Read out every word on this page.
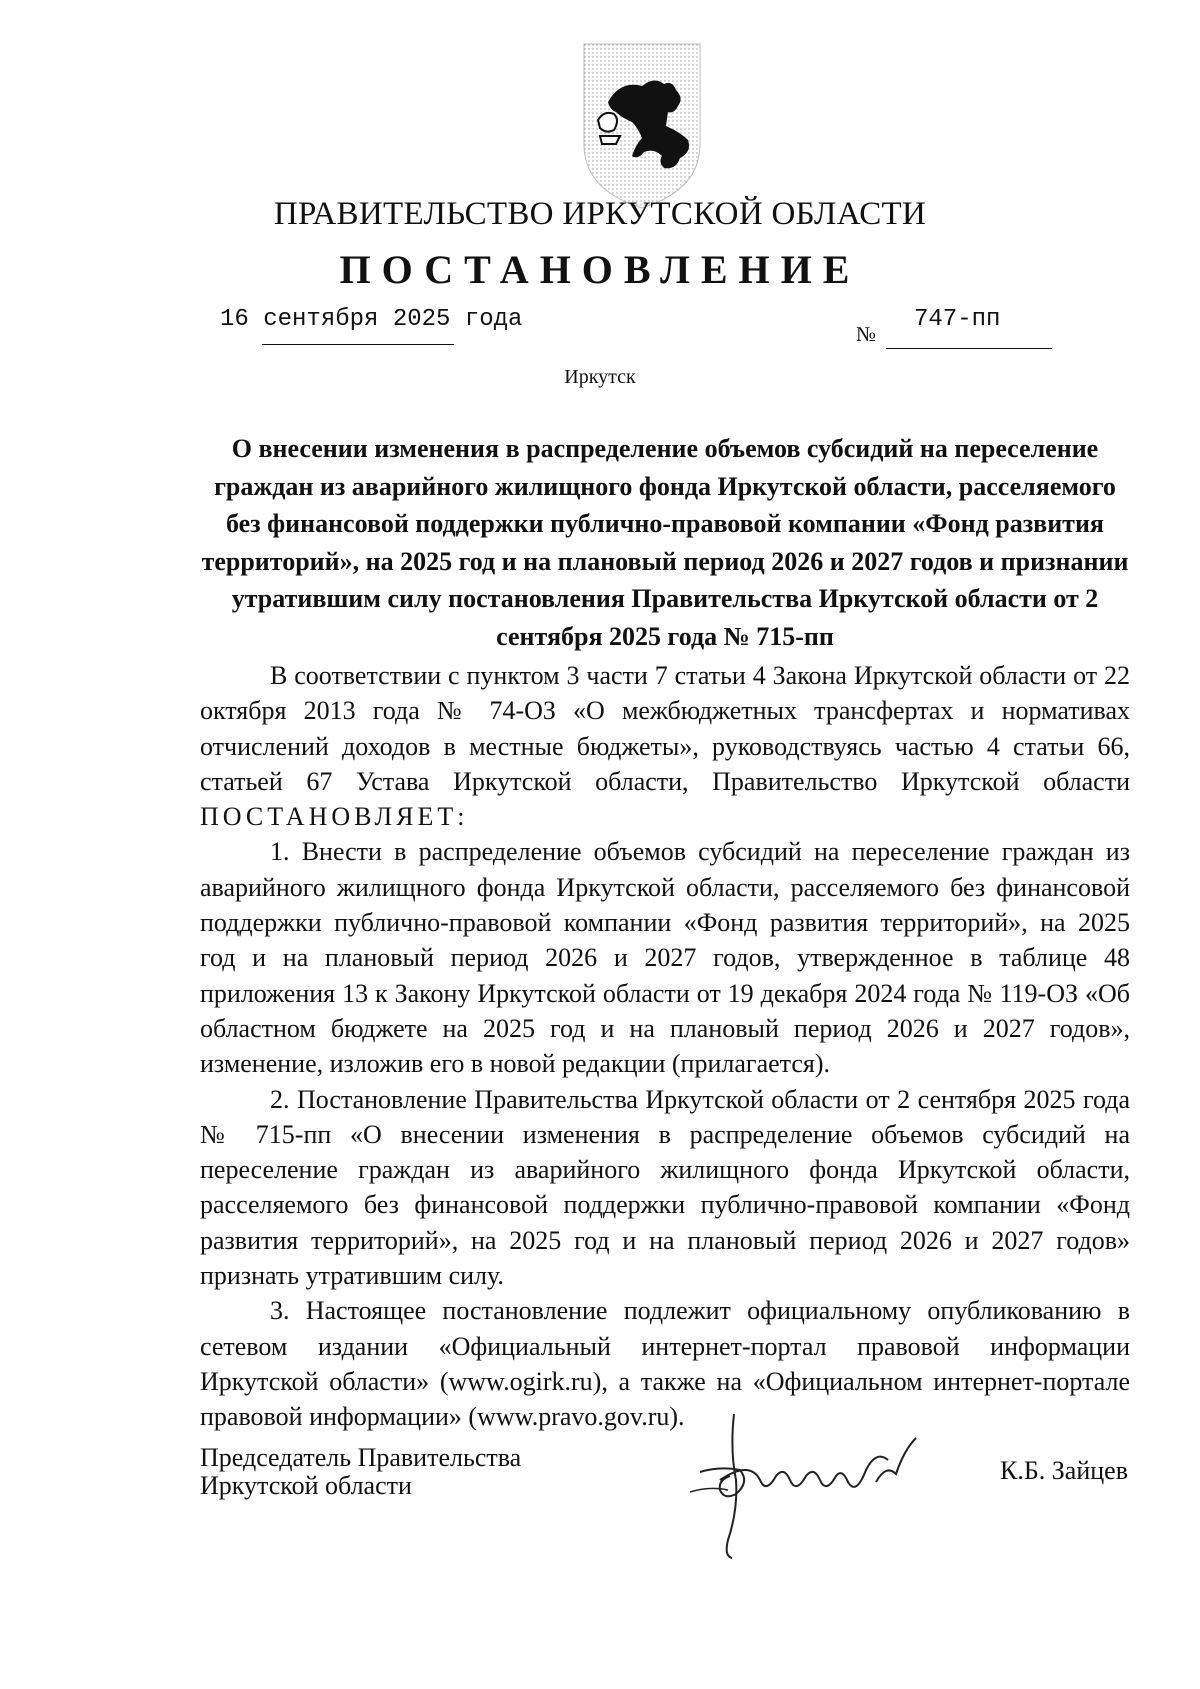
ПРАВИТЕЛЬСТВО ИРКУТСКОЙ ОБЛАСТИ
ПОСТАНОВЛЕНИЕ
16 сентября 2025 года
№
747-пп
Иркутск
О внесении изменения в распределение объемов субсидий на переселение граждан из аварийного жилищного фонда Иркутской области, расселяемого без финансовой поддержки публично-правовой компании «Фонд развития территорий», на 2025 год и на плановый период 2026 и 2027 годов и признании утратившим силу постановления Правительства Иркутской области от 2 сентября 2025 года № 715-пп

В соответствии с пунктом 3 части 7 статьи 4 Закона Иркутской области от 22 октября 2013 года № 74-ОЗ «О межбюджетных трансфертах и нормативах отчислений доходов в местные бюджеты», руководствуясь частью 4 статьи 66, статьей 67 Устава Иркутской области, Правительство Иркутской области ПОСТАНОВЛЯЕТ:

1. Внести в распределение объемов субсидий на переселение граждан из аварийного жилищного фонда Иркутской области, расселяемого без финансовой поддержки публично-правовой компании «Фонд развития территорий», на 2025 год и на плановый период 2026 и 2027 годов, утвержденное в таблице 48 приложения 13 к Закону Иркутской области от 19 декабря 2024 года № 119-ОЗ «Об областном бюджете на 2025 год и на плановый период 2026 и 2027 годов», изменение, изложив его в новой редакции (прилагается).

2. Постановление Правительства Иркутской области от 2 сентября 2025 года № 715-пп «О внесении изменения в распределение объемов субсидий на переселение граждан из аварийного жилищного фонда Иркутской области, расселяемого без финансовой поддержки публично-правовой компании «Фонд развития территорий», на 2025 год и на плановый период 2026 и 2027 годов» признать утратившим силу.

3. Настоящее постановление подлежит официальному опубликованию в сетевом издании «Официальный интернет-портал правовой информации Иркутской области» (www.ogirk.ru), а также на «Официальном интернет-портале правовой информации» (www.pravo.gov.ru).

Председатель Правительства
Иркутской области
К.Б. Зайцев
